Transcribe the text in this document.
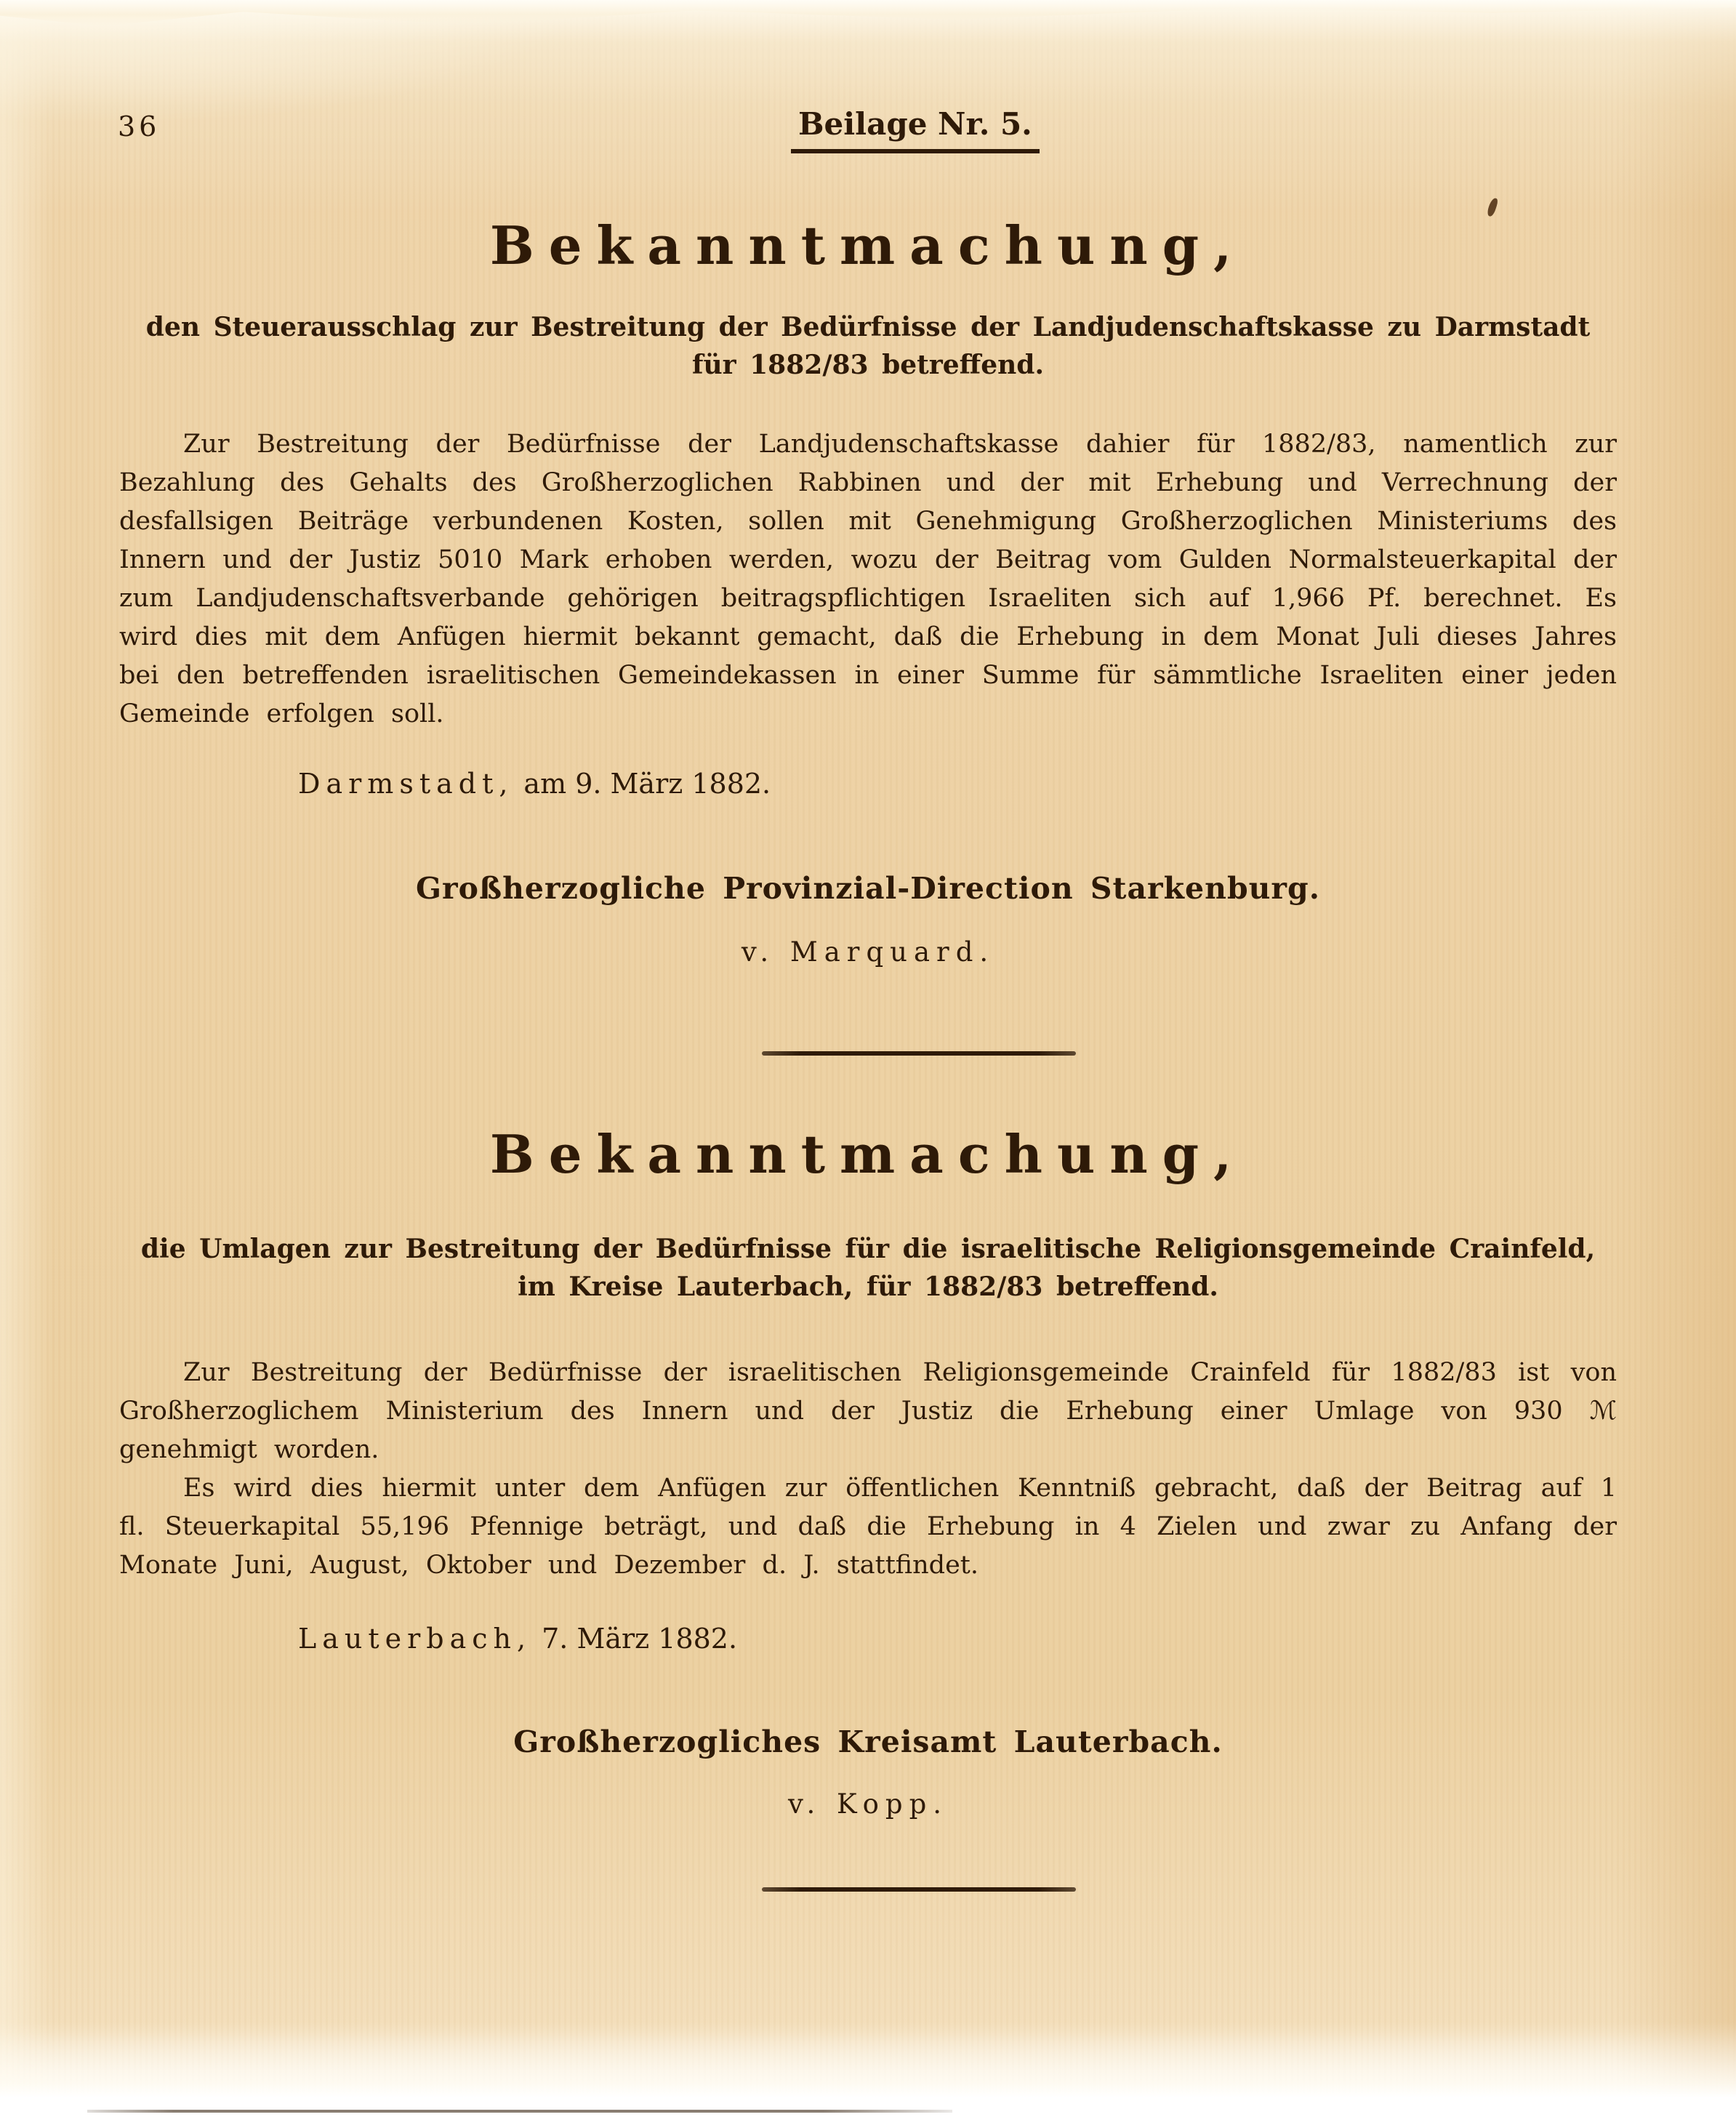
36	Beilage Nr. 5.
Bekanntmachung,
den Steuerausschlag zur Bestreitung der Bedürfnisse der Landjudenschaftskasse zu Darmstadt
für 1882/83 betreffend.

Zur Bestreitung der Bedürfnisse der Landjudenschaftskasse dahier für 1882/83, namentlich zur Bezahlung des Gehalts des Großherzoglichen Rabbinen und der mit Erhebung und Verrechnung der desfallsigen Beiträge verbundenen Kosten, sollen mit Genehmigung Großherzoglichen Ministeriums des Innern und der Justiz 5010 Mark erhoben werden, wozu der Beitrag vom Gulden Normalsteuerkapital der zum Landjudenschaftsverbande gehörigen beitragspflichtigen Israeliten sich auf 1,966 Pf. berechnet. Es wird dies mit dem Anfügen hiermit bekannt gemacht, daß die Erhebung in dem Monat Juli dieses Jahres bei den betreffenden israelitischen Gemeindekassen in einer Summe für sämmtliche Israeliten einer jeden Gemeinde erfolgen soll.

Darmstadt, am 9. März 1882.
Großherzogliche Provinzial-Direction Starkenburg.
v. Marquard.
Bekanntmachung,
die Umlagen zur Bestreitung der Bedürfnisse für die israelitische Religionsgemeinde Crainfeld,
im Kreise Lauterbach, für 1882/83 betreffend.

Zur Bestreitung der Bedürfnisse der israelitischen Religionsgemeinde Crainfeld für 1882/83 ist von Großherzoglichem Ministerium des Innern und der Justiz die Erhebung einer Umlage von 930 ℳ genehmigt worden.

Es wird dies hiermit unter dem Anfügen zur öffentlichen Kenntniß gebracht, daß der Beitrag auf 1 fl. Steuerkapital 55,196 Pfennige beträgt, und daß die Erhebung in 4 Zielen und zwar zu Anfang der Monate Juni, August, Oktober und Dezember d. J. stattfindet.

Lauterbach, 7. März 1882.
Großherzogliches Kreisamt Lauterbach.
v. Kopp.
